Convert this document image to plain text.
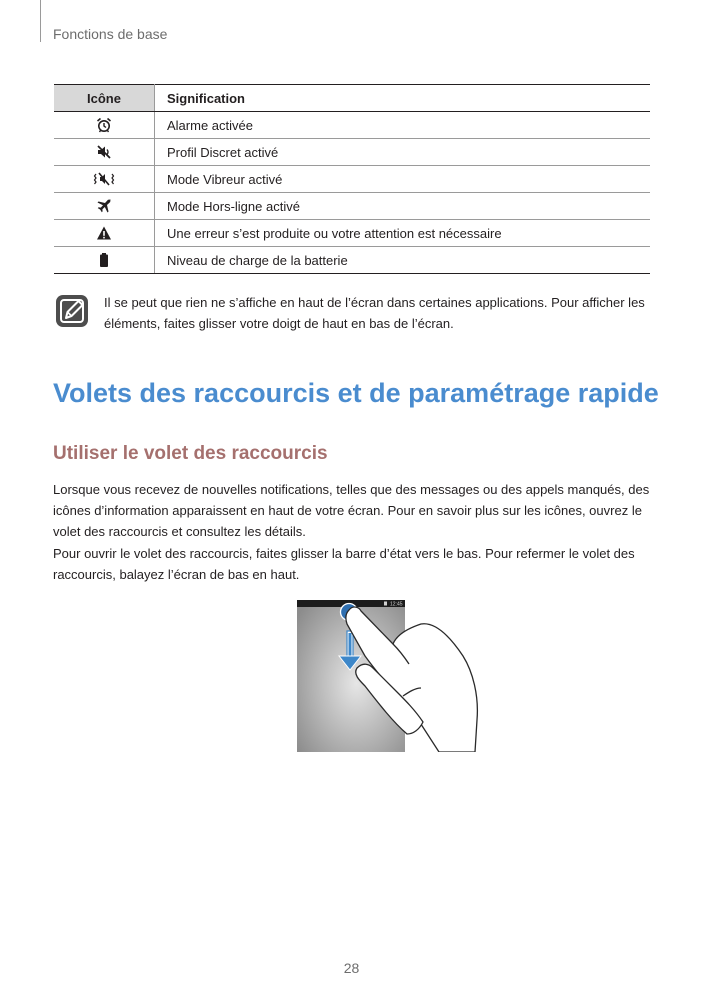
Fonctions de base
Icône	Signification
	Alarme activée
	Profil Discret activé
	Mode Vibreur activé
	Mode Hors-ligne activé
	Une erreur s’est produite ou votre attention est nécessaire
	Niveau de charge de la batterie

Il se peut que rien ne s’affiche en haut de l’écran dans certaines applications. Pour afficher les éléments, faites glisser votre doigt de haut en bas de l’écran.

Volets des raccourcis et de paramétrage rapide
Utiliser le volet des raccourcis

Lorsque vous recevez de nouvelles notifications, telles que des messages ou des appels manqués, des icônes d’information apparaissent en haut de votre écran. Pour en savoir plus sur les icônes, ouvrez le volet des raccourcis et consultez les détails.

Pour ouvrir le volet des raccourcis, faites glisser la barre d’état vers le bas. Pour refermer le volet des raccourcis, balayez l’écran de bas en haut.

12:45
28
